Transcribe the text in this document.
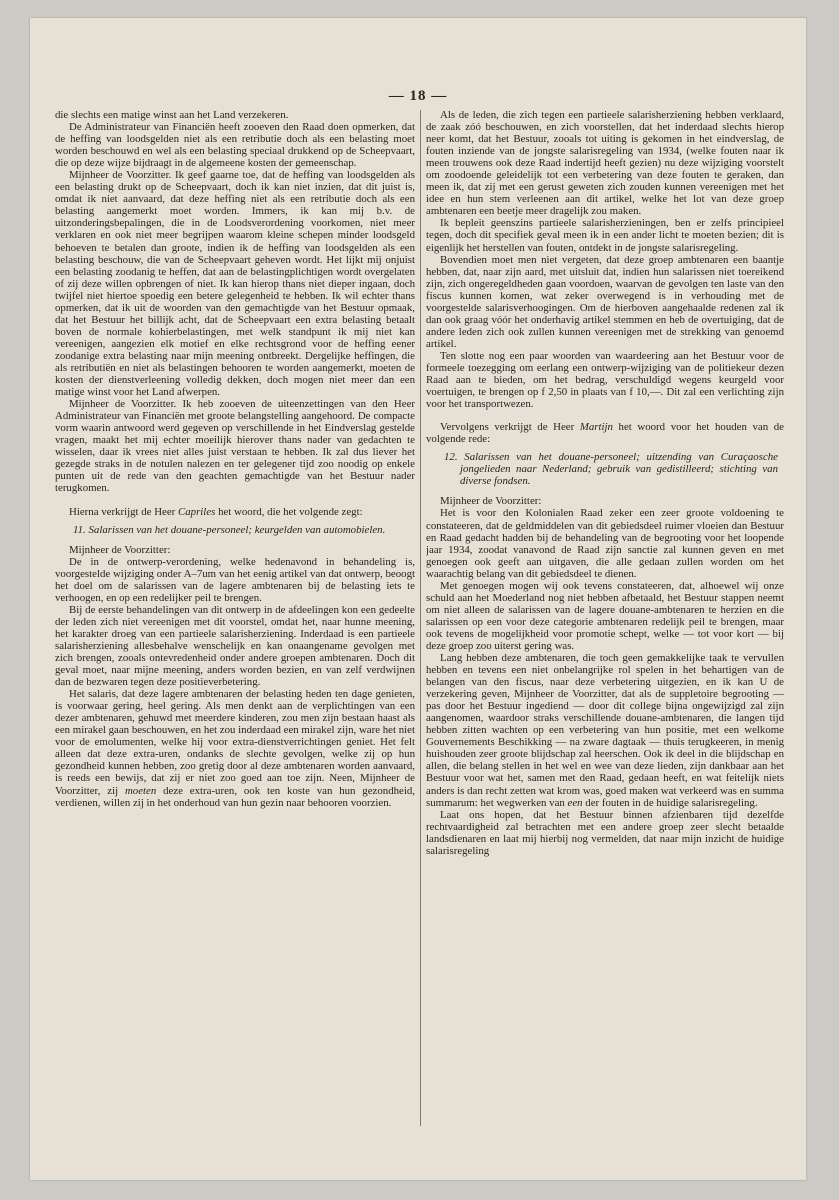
— 18 —

die slechts een matige winst aan het Land verzekeren.

De Administrateur van Financiën heeft zooeven den Raad doen opmerken, dat de heffing van loodsgelden niet als een retributie doch als een belasting moet worden beschouwd en wel als een belasting speciaal drukkend op de Scheepvaart, die op deze wijze bijdraagt in de algemeene kosten der gemeenschap.

Mijnheer de Voorzitter. Ik geef gaarne toe, dat de heffing van loodsgelden als een belasting drukt op de Scheepvaart, doch ik kan niet inzien, dat dit juist is, omdat ik niet aanvaard, dat deze heffing niet als een retributie doch als een belasting aangemerkt moet worden. Immers, ik kan mij b.v. de uitzonderingsbepalingen, die in de Loodsverordening voorkomen, niet meer verklaren en ook niet meer begrijpen waarom kleine schepen minder loodsgeld behoeven te betalen dan groote, indien ik de heffing van loodsgelden als een belasting beschouw, die van de Scheepvaart geheven wordt. Het lijkt mij onjuist een belasting zoodanig te heffen, dat aan de belastingplichtigen wordt overgelaten of zij deze willen opbrengen of niet. Ik kan hierop thans niet dieper ingaan, doch twijfel niet hiertoe spoedig een betere gelegenheid te hebben. Ik wil echter thans opmerken, dat ik uit de woorden van den gemachtigde van het Bestuur opmaak, dat het Bestuur het billijk acht, dat de Scheepvaart een extra belasting betaalt boven de normale kohierbelastingen, met welk standpunt ik mij niet kan vereenigen, aangezien elk motief en elke rechtsgrond voor de heffing eener zoodanige extra belasting naar mijn meening ontbreekt. Dergelijke heffingen, die als retributiën en niet als belastingen behooren te worden aangemerkt, moeten de kosten der dienstverleening volledig dekken, doch mogen niet meer dan een matige winst voor het Land afwerpen.

Mijnheer de Voorzitter. Ik heb zooeven de uiteenzettingen van den Heer Administrateur van Financiën met groote belangstelling aangehoord. De compacte vorm waarin antwoord werd gegeven op verschillende in het Eindverslag gestelde vragen, maakt het mij echter moeilijk hierover thans nader van gedachten te wisselen, daar ik vrees niet alles juist verstaan te hebben. Ik zal dus liever het gezegde straks in de notulen nalezen en ter gelegener tijd zoo noodig op enkele punten uit de rede van den geachten gemachtigde van het Bestuur nader terugkomen.

Hierna verkrijgt de Heer Capriles het woord, die het volgende zegt:

11. Salarissen van het douane-personeel; keurgelden van automobielen.

Mijnheer de Voorzitter:

De in de ontwerp-verordening, welke hedenavond in behandeling is, voorgestelde wijziging onder A–7um van het eenig artikel van dat ontwerp, beoogt het doel om de salarissen van de lagere ambtenaren bij de belasting iets te verhoogen, en op een redelijker peil te brengen.

Bij de eerste behandelingen van dit ontwerp in de afdeelingen kon een gedeelte der leden zich niet vereenigen met dit voorstel, omdat het, naar hunne meening, het karakter droeg van een partieele salarisherziening. Inderdaad is een partieele salarisherziening allesbehalve wenschelijk en kan onaangename gevolgen met zich brengen, zooals ontevredenheid onder andere groepen ambtenaren. Doch dit geval moet, naar mijne meening, anders worden bezien, en van zelf verdwijnen dan de bezwaren tegen deze positieverbetering.

Het salaris, dat deze lagere ambtenaren der belasting heden ten dage genieten, is voorwaar gering, heel gering. Als men denkt aan de verplichtingen van een dezer ambtenaren, gehuwd met meerdere kinderen, zou men zijn bestaan haast als een mirakel gaan beschouwen, en het zou inderdaad een mirakel zijn, ware het niet voor de emolumenten, welke hij voor extra-dienstverrichtingen geniet. Het felt alleen dat deze extra-uren, ondanks de slechte gevolgen, welke zij op hun gezondheid kunnen hebben, zoo gretig door al deze ambtenaren worden aanvaard, is reeds een bewijs, dat zij er niet zoo goed aan toe zijn. Neen, Mijnheer de Voorzitter, zij moeten deze extra-uren, ook ten koste van hun gezondheid, verdienen, willen zij in het onderhoud van hun gezin naar behooren voorzien.

Als de leden, die zich tegen een partieele salarisherziening hebben verklaard, de zaak zóó beschouwen, en zich voorstellen, dat het inderdaad slechts hierop neer komt, dat het Bestuur, zooals tot uiting is gekomen in het eindverslag, de fouten inziende van de jongste salarisregeling van 1934, (welke fouten naar ik meen trouwens ook deze Raad indertijd heeft gezien) nu deze wijziging voorstelt om zoodoende geleidelijk tot een verbetering van deze fouten te geraken, dan meen ik, dat zij met een gerust geweten zich zouden kunnen vereenigen met het idee en hun stem verleenen aan dit artikel, welke het lot van deze groep ambtenaren een beetje meer dragelijk zou maken.

Ik bepleit geenszins partieele salarisherzieningen, ben er zelfs principieel tegen, doch dit specifiek geval meen ik in een ander licht te moeten bezien; dit is eigenlijk het herstellen van fouten, ontdekt in de jongste salarisregeling.

Bovendien moet men niet vergeten, dat deze groep ambtenaren een baantje hebben, dat, naar zijn aard, met uitsluit dat, indien hun salarissen niet toereikend zijn, zich ongeregeldheden gaan voordoen, waarvan de gevolgen ten laste van den fiscus kunnen komen, wat zeker overwegend is in verhouding met de voorgestelde salarisverhoogingen. Om de hierboven aangehaalde redenen zal ik dan ook graag vóór het onderhavig artikel stemmen en heb de overtuiging, dat de andere leden zich ook zullen kunnen vereenigen met de strekking van genoemd artikel.

Ten slotte nog een paar woorden van waardeering aan het Bestuur voor de formeele toezegging om eerlang een ontwerp-wijziging van de politiekeur dezen Raad aan te bieden, om het bedrag, verschuldigd wegens keurgeld voor voertuigen, te brengen op f 2,50 in plaats van f 10,—. Dit zal een verlichting zijn voor het transportwezen.

Vervolgens verkrijgt de Heer Martijn het woord voor het houden van de volgende rede:

12. Salarissen van het douane-personeel; uitzending van Curaçaosche jongelieden naar Nederland; gebruik van gedistilleerd; stichting van diverse fondsen.

Mijnheer de Voorzitter:

Het is voor den Kolonialen Raad zeker een zeer groote voldoening te constateeren, dat de geldmiddelen van dit gebiedsdeel ruimer vloeien dan Bestuur en Raad gedacht hadden bij de behandeling van de begrooting voor het loopende jaar 1934, zoodat vanavond de Raad zijn sanctie zal kunnen geven en met genoegen ook geeft aan uitgaven, die alle gedaan zullen worden om het waarachtig belang van dit gebiedsdeel te dienen.

Met genoegen mogen wij ook tevens constateeren, dat, alhoewel wij onze schuld aan het Moederland nog niet hebben afbetaald, het Bestuur stappen neemt om niet alleen de salarissen van de lagere douane-ambtenaren te herzien en die salarissen op een voor deze categorie ambtenaren redelijk peil te brengen, maar ook tevens de mogelijkheid voor promotie schept, welke — tot voor kort — bij deze groep zoo uiterst gering was.

Lang hebben deze ambtenaren, die toch geen gemakkelijke taak te vervullen hebben en tevens een niet onbelangrijke rol spelen in het behartigen van de belangen van den fiscus, naar deze verbetering uitgezien, en ik kan U de verzekering geven, Mijnheer de Voorzitter, dat als de suppletoire begrooting — pas door het Bestuur ingediend — door dit college bijna ongewijzigd zal zijn aangenomen, waardoor straks verschillende douane-ambtenaren, die langen tijd hebben zitten wachten op een verbetering van hun positie, met een welkome Gouvernements Beschikking — na zware dagtaak — thuis terugkeeren, in menig huishouden zeer groote blijdschap zal heerschen. Ook ik deel in die blijdschap en allen, die belang stellen in het wel en wee van deze lieden, zijn dankbaar aan het Bestuur voor wat het, samen met den Raad, gedaan heeft, en wat feitelijk niets anders is dan recht zetten wat krom was, goed maken wat verkeerd was en summa summarum: het wegwerken van een der fouten in de huidige salarisregeling.

Laat ons hopen, dat het Bestuur binnen afzienbaren tijd dezelfde rechtvaardigheid zal betrachten met een andere groep zeer slecht betaalde landsdienaren en laat mij hierbij nog vermelden, dat naar mijn inzicht de huidige salarisregeling
